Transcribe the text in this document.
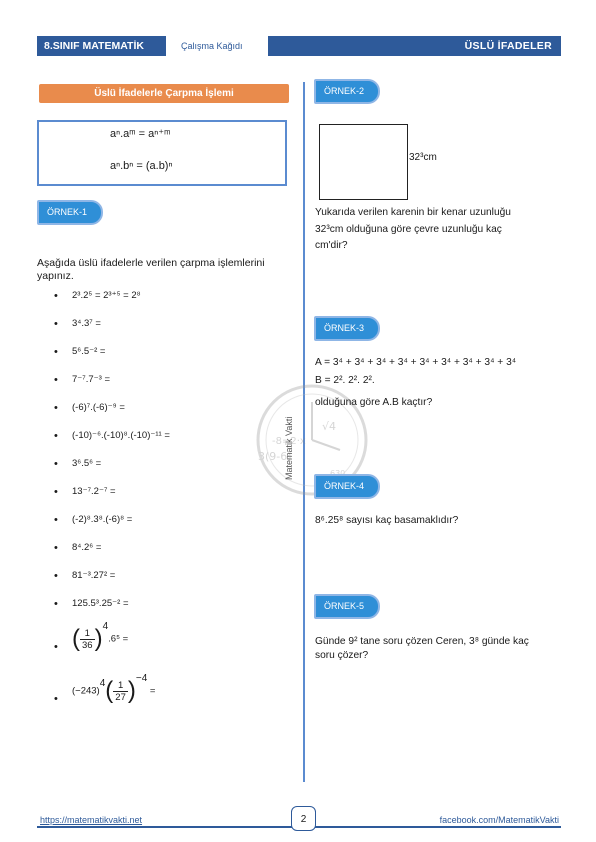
8.SINIF MATEMATİK	Çalışma Kağıdı	ÜSLÜ İFADELER
Üslü İfadelerle Çarpma İşlemi
aⁿ.aᵐ = aⁿ⁺ᵐ
aⁿ.bⁿ = (a.b)ⁿ
ÖRNEK-1
Aşağıda üslü ifadelerle verilen çarpma işlemlerini yapınız.
2³.2⁵ = 2³⁺⁵ = 2⁸
3⁴.3⁷ =
5⁶.5⁻² =
7⁻⁷.7⁻³ =
(-6)⁷.(-6)⁻⁹ =
(-10)⁻⁶.(-10)⁸.(-10)⁻¹¹ =
3⁶.5⁶ =
13⁻⁷.2⁻⁷ =
(-2)⁸.3⁸.(-6)⁸ =
8⁴.2⁶ =
81⁻³.27² =
125.5³.25⁻² =
( $\frac{1}{36} )^4.6^5$ =
$(-243)^4( \frac{1}{27} )^{-4}$ =
-8=2·x
√4
3(9-6)
Matematik Vakti
ÖRNEK-2
32³cm
Yukarıda verilen karenin bir kenar uzunluğu
32³cm olduğuna göre çevre uzunluğu kaç
cm'dir?
ÖRNEK-3
A = 3⁴ + 3⁴ + 3⁴ + 3⁴ + 3⁴ + 3⁴ + 3⁴ + 3⁴ + 3⁴
B = 2². 2². 2².
olduğuna göre A.B kaçtır?
ÖRNEK-4
8⁶.25⁸ sayısı kaç basamaklıdır?
ÖRNEK-5
Günde 9² tane soru çözen Ceren, 3⁸ günde kaç
soru çözer?
https://matematikvakti.net	facebook.com/MatematikVakti
2
